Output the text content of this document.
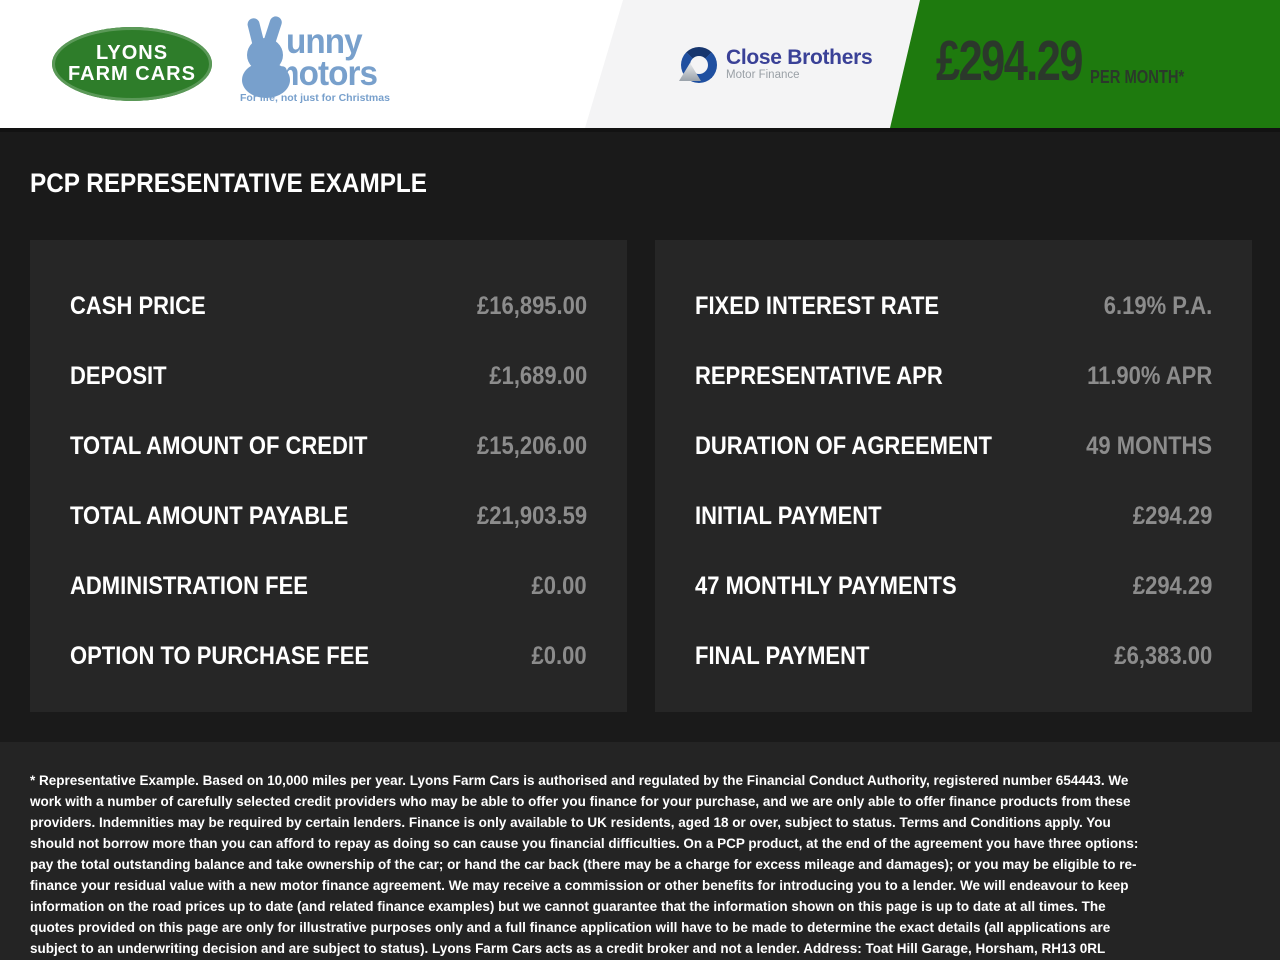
LYONS
FARM CARS
unny
motors
For life, not just for Christmas
Close Brothers
Motor Finance	£294.29 PER MONTH*
PCP REPRESENTATIVE EXAMPLE
CASH PRICE	£16,895.00
DEPOSIT	£1,689.00
TOTAL AMOUNT OF CREDIT	£15,206.00
TOTAL AMOUNT PAYABLE	£21,903.59
ADMINISTRATION FEE	£0.00
OPTION TO PURCHASE FEE	£0.00
FIXED INTEREST RATE	6.19% P.A.
REPRESENTATIVE APR	11.90% APR
DURATION OF AGREEMENT	49 MONTHS
INITIAL PAYMENT	£294.29
47 MONTHLY PAYMENTS	£294.29
FINAL PAYMENT	£6,383.00
* Representative Example. Based on 10,000 miles per year. Lyons Farm Cars is authorised and regulated by the Financial Conduct Authority, registered number 654443. We work with a number of carefully selected credit providers who may be able to offer you finance for your purchase, and we are only able to offer finance products from these providers. Indemnities may be required by certain lenders. Finance is only available to UK residents, aged 18 or over, subject to status. Terms and Conditions apply. You should not borrow more than you can afford to repay as doing so can cause you financial difficulties. On a PCP product, at the end of the agreement you have three options: pay the total outstanding balance and take ownership of the car; or hand the car back (there may be a charge for excess mileage and damages); or you may be eligible to re-finance your residual value with a new motor finance agreement. We may receive a commission or other benefits for introducing you to a lender. We will endeavour to keep information on the road prices up to date (and related finance examples) but we cannot guarantee that the information shown on this page is up to date at all times. The quotes provided on this page are only for illustrative purposes only and a full finance application will have to be made to determine the exact details (all applications are subject to an underwriting decision and are subject to status). Lyons Farm Cars acts as a credit broker and not a lender. Address: Toat Hill Garage, Horsham, RH13 0RL
